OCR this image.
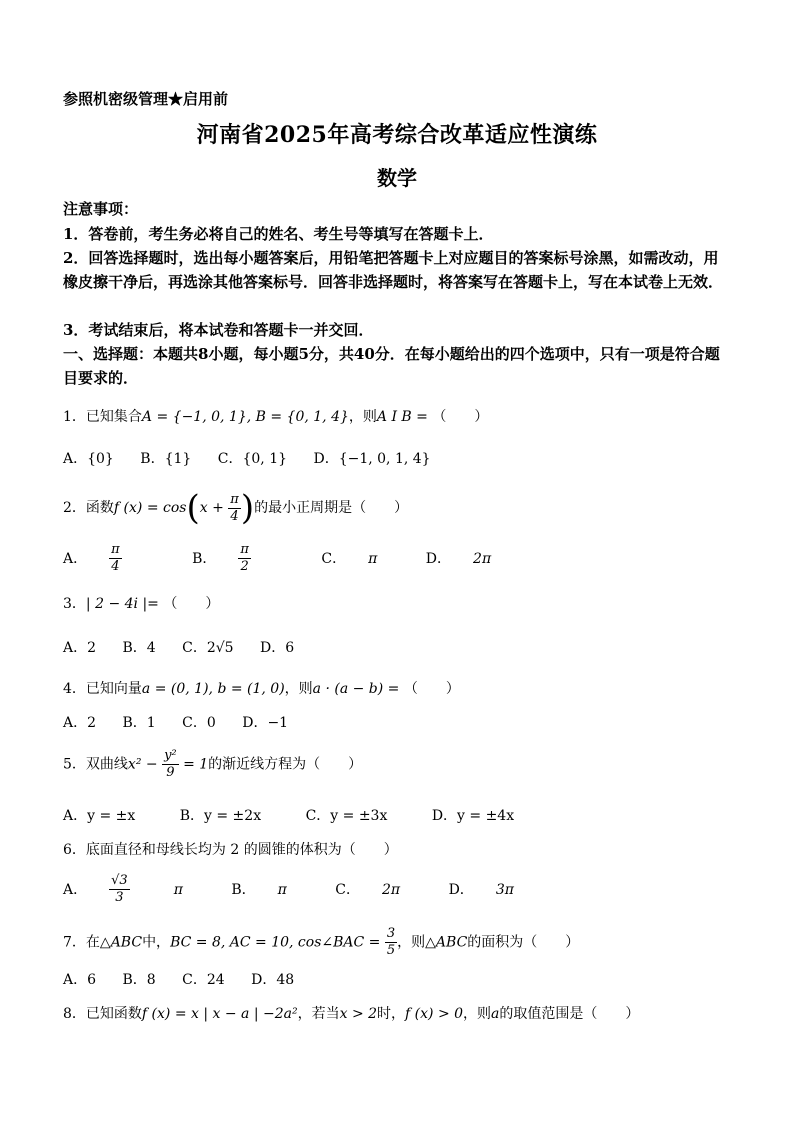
参照机密级管理★启用前
河南省2025年高考综合改革适应性演练
数学
注意事项：
1．答卷前，考生务必将自己的姓名、考生号等填写在答题卡上．
2．回答选择题时，选出每小题答案后，用铅笔把答题卡上对应题目的答案标号涂黑，如需改动，用橡皮擦干净后，再选涂其他答案标号．回答非选择题时，将答案写在答题卡上，写在本试卷上无效．
3．考试结束后，将本试卷和答题卡一并交回．
一、选择题：本题共8小题，每小题5分，共40分．在每小题给出的四个选项中，只有一项是符合题目要求的．
1．已知集合A = {−1, 0, 1}, B = {0, 1, 4}，则A I B = （　　）
A．{0} B．{1} C．{0, 1} D．{−1, 0, 1, 4}
2．函数f $(x) = \cos(x + \frac{\pi}{4}$ )的最小正周期是（　　）
A． $\frac{\pi}{4}$	B． $\frac{\pi}{2}$	C． π	D． 2π
3．| 2 − 4i |= （　　）
A．2 B．4 C．2√5 D．6
4．已知向量a = (0, 1), b = (1, 0)，则a · (a − b) = （　　）
A．2 B．1 C．0 D．−1
5．双曲线$x^2 - \frac{\text{y²}}{9} = 1$的渐近线方程为（　　）
A．y = ±x	B．y = ±2x	C．y = ±3x	D．y = ±4x
6．底面直径和母线长均为 2 的圆锥的体积为（　　）
A． $\frac{√3}{3}$ π	B． π	C． 2π	D． 3π
7．在△ABC中，BC = 8, AC = 10, cos∠BAC = $\frac{3}{5}$ ，则△ABC的面积为（　　）
A．6 B．8 C．24 D．48
8．已知函数f (x) = x | x − a | −2a²，若当x > 2时，f (x) > 0，则a的取值范围是（　　）
